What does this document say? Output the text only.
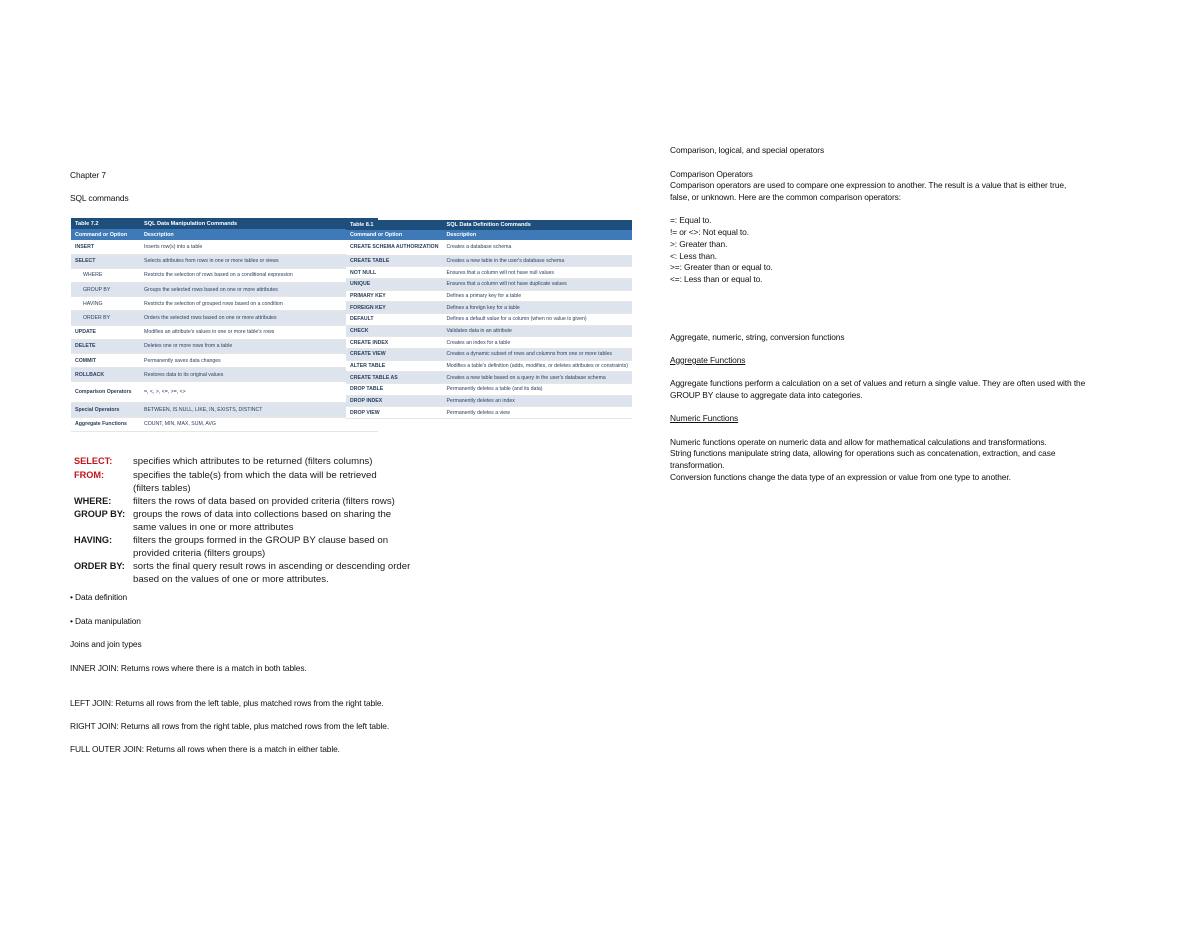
Chapter 7
SQL commands
Table 7.2	SQL Data Manipulation Commands
Command or Option	Description
INSERT	Inserts row(s) into a table
SELECT	Selects attributes from rows in one or more tables or views
WHERE	Restricts the selection of rows based on a conditional expression
GROUP BY	Groups the selected rows based on one or more attributes
HAVING	Restricts the selection of grouped rows based on a condition
ORDER BY	Orders the selected rows based on one or more attributes
UPDATE	Modifies an attribute's values in one or more table's rows
DELETE	Deletes one or more rows from a table
COMMIT	Permanently saves data changes
ROLLBACK	Restores data to its original values
Comparison Operators	=, <, >, <=, >=, <>
Special Operators	BETWEEN, IS NULL, LIKE, IN, EXISTS, DISTINCT
Aggregate Functions	COUNT, MIN, MAX, SUM, AVG
Table 8.1	SQL Data Definition Commands
Command or Option	Description
CREATE SCHEMA AUTHORIZATION	Creates a database schema
CREATE TABLE	Creates a new table in the user's database schema
NOT NULL	Ensures that a column will not have null values
UNIQUE	Ensures that a column will not have duplicate values
PRIMARY KEY	Defines a primary key for a table
FOREIGN KEY	Defines a foreign key for a table
DEFAULT	Defines a default value for a column (when no value is given)
CHECK	Validates data in an attribute
CREATE INDEX	Creates an index for a table
CREATE VIEW	Creates a dynamic subset of rows and columns from one or more tables
ALTER TABLE	Modifies a table's definition (adds, modifies, or deletes attributes or constraints)
CREATE TABLE AS	Creates a new table based on a query in the user's database schema
DROP TABLE	Permanently deletes a table (and its data)
DROP INDEX	Permanently deletes an index
DROP VIEW	Permanently deletes a view
SELECT: specifies which attributes to be returned (filters columns)
FROM:	specifies the table(s) from which the data will be retrieved (filters tables)
WHERE: filters the rows of data based on provided criteria (filters rows)
GROUP BY: groups the rows of data into collections based on sharing the same values in one or more attributes
HAVING: filters the groups formed in the GROUP BY clause based on provided criteria (filters groups)
ORDER BY: sorts the final query result rows in ascending or descending order based on the values of one or more attributes.
• Data definition
• Data manipulation
Joins and join types
INNER JOIN: Returns rows where there is a match in both tables.
LEFT JOIN: Returns all rows from the left table, plus matched rows from the right table.
RIGHT JOIN: Returns all rows from the right table, plus matched rows from the left table.
FULL OUTER JOIN: Returns all rows when there is a match in either table.
Comparison, logical, and special operators
Comparison Operators
Comparison operators are used to compare one expression to another. The result is a value that is either true,
false, or unknown. Here are the common comparison operators:
=: Equal to.
!= or <>: Not equal to.
>: Greater than.
<: Less than.
>=: Greater than or equal to.
<=: Less than or equal to.
Aggregate, numeric, string, conversion functions
Aggregate Functions
Aggregate functions perform a calculation on a set of values and return a single value. They are often used with the
GROUP BY clause to aggregate data into categories.
Numeric Functions
Numeric functions operate on numeric data and allow for mathematical calculations and transformations.
String functions manipulate string data, allowing for operations such as concatenation, extraction, and case
transformation.
Conversion functions change the data type of an expression or value from one type to another.
